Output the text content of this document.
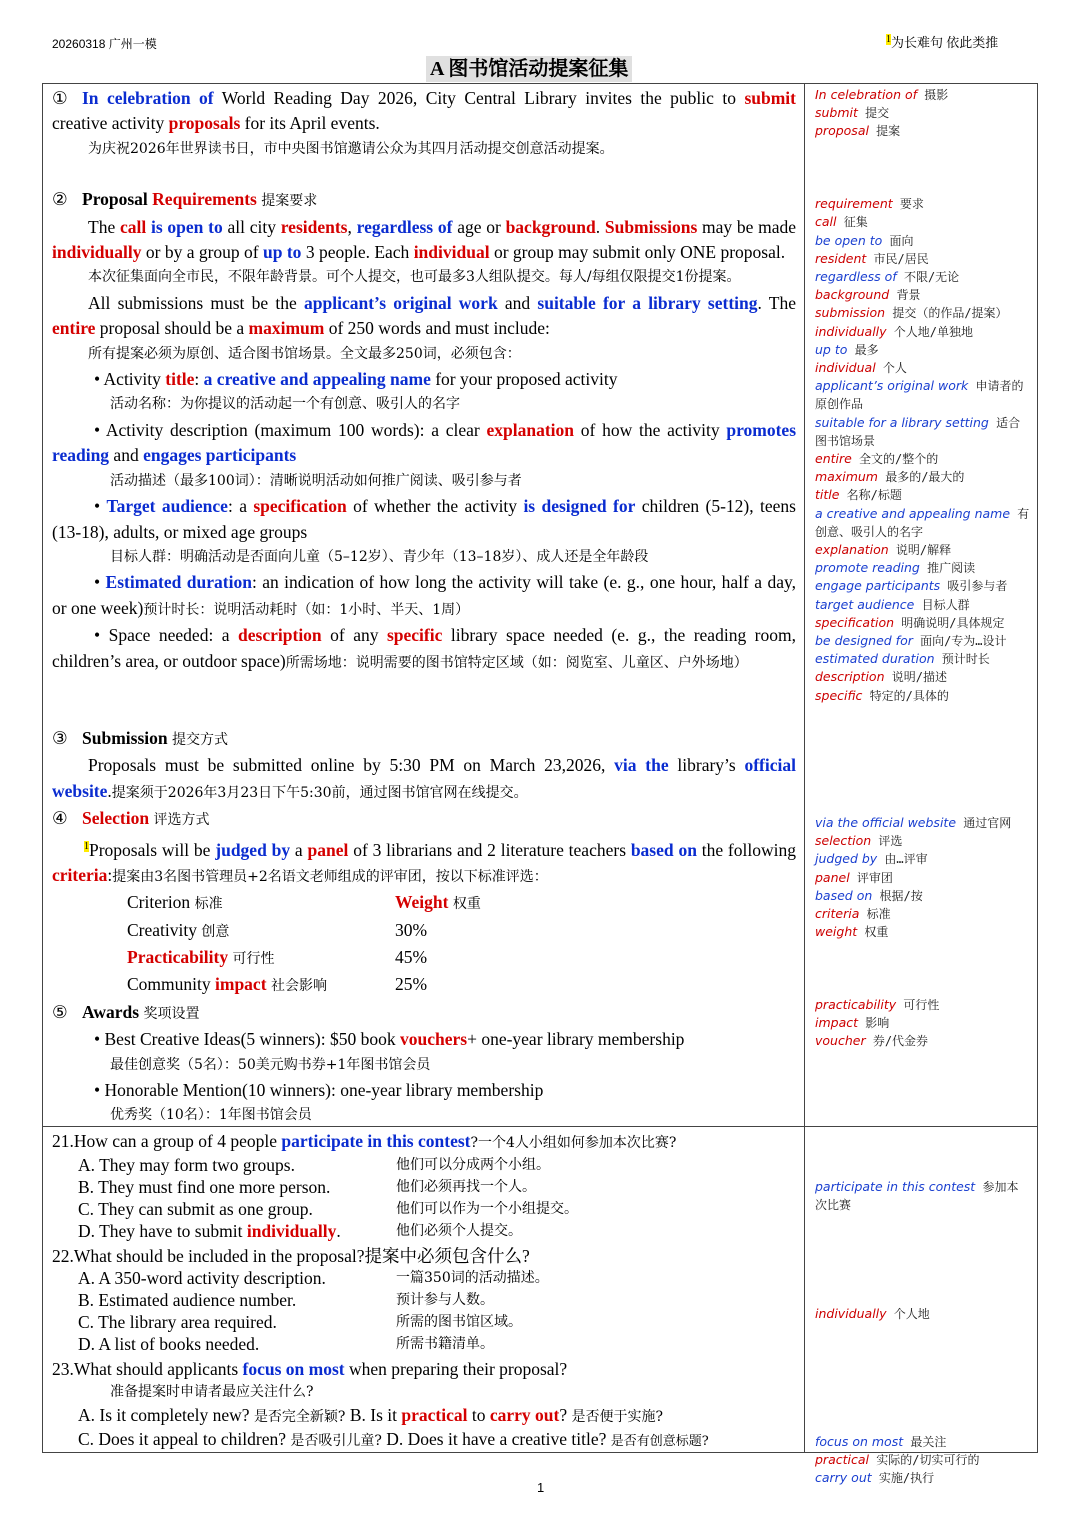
20260318 广州一模	$^1$为长难句 依此类推
A 图书馆活动提案征集

① In celebration of World Reading Day 2026, City Central Library invites the public to submit creative activity proposals for its April events.

为庆祝2026年世界读书日，市中央图书馆邀请公众为其四月活动提交创意活动提案。

② Proposal Requirements 提案要求

The call is open to all city residents, regardless of age or background. Submissions may be made individually or by a group of up to 3 people. Each individual or group may submit only ONE proposal.

本次征集面向全市民，不限年龄背景。可个人提交，也可最多3人组队提交。每人/每组仅限提交1份提案。

All submissions must be the applicant’s original work and suitable for a library setting. The entire proposal should be a maximum of 250 words and must include:

所有提案必须为原创、适合图书馆场景。全文最多250词，必须包含：

• Activity title: a creative and appealing name for your proposed activity

活动名称：为你提议的活动起一个有创意、吸引人的名字

• Activity description (maximum 100 words): a clear explanation of how the activity promotes reading and engages participants

活动描述（最多100词）：清晰说明活动如何推广阅读、吸引参与者

• Target audience: a specification of whether the activity is designed for children (5-12), teens (13-18), adults, or mixed age groups

目标人群：明确活动是否面向儿童（5–12岁）、青少年（13–18岁）、成人还是全年龄段

• Estimated duration: an indication of how long the activity will take (e. g., one hour, half a day, or one week)预计时长：说明活动耗时（如：1小时、半天、1周）

• Space needed: a description of any specific library space needed (e. g., the reading room, children’s area, or outdoor space)所需场地：说明需要的图书馆特定区域（如：阅览室、儿童区、户外场地）

③ Submission 提交方式

Proposals must be submitted online by 5:30 PM on March 23,2026, via the library’s official website.提案须于2026年3月23日下午5:30前，通过图书馆官网在线提交。

④ Selection 评选方式

$^1$Proposals will be judged by a panel of 3 librarians and 2 literature teachers based on the following criteria:提案由3名图书管理员+2名语文老师组成的评审团，按以下标准评选：

Criterion 标准	Weight 权重
Creativity 创意	30%
Practicability 可行性	45%
Community impact 社会影响	25%

⑤ Awards 奖项设置

• Best Creative Ideas(5 winners): $50 book vouchers+ one-year library membership

最佳创意奖（5名）：50美元购书券+1年图书馆会员

• Honorable Mention(10 winners): one-year library membership

优秀奖（10名）：1年图书馆会员

In celebration of 摄影
submit 提交
proposal 提案
requirement 要求
call 征集
be open to 面向
resident 市民/居民
regardless of 不限/无论
background 背景
submission 提交（的作品/提案）
individually 个人地/单独地
up to 最多
individual 个人
applicant’s original work 申请者的原创作品
suitable for a library setting 适合图书馆场景
entire 全文的/整个的
maximum 最多的/最大的
title 名称/标题
a creative and appealing name 有创意、吸引人的名字
explanation 说明/解释
promote reading 推广阅读
engage participants 吸引参与者
target audience 目标人群
specification 明确说明/具体规定
be designed for 面向/专为…设计
estimated duration 预计时长
description 说明/描述
specific 特定的/具体的
via the official website 通过官网
selection 评选
judged by 由…评审
panel 评审团
based on 根据/按
criteria 标准
weight 权重
practicability 可行性
impact 影响
voucher 券/代金券
participate in this contest 参加本次比赛
individually 个人地
focus on most 最关注
practical 实际的/切实可行的
carry out 实施/执行

21.How can a group of 4 people participate in this contest?一个4人小组如何参加本次比赛?

A. They may form two groups.	他们可以分成两个小组。
B. They must find one more person.	他们必须再找一个人。
C. They can submit as one group.	他们可以作为一个小组提交。
D. They have to submit individually.	他们必须个人提交。

22.What should be included in the proposal?提案中必须包含什么?

A. A 350-word activity description.	一篇350词的活动描述。
B. Estimated audience number.	预计参与人数。
C. The library area required.	所需的图书馆区域。
D. A list of books needed.	所需书籍清单。

23.What should applicants focus on most when preparing their proposal?

准备提案时申请者最应关注什么?

A. Is it completely new? 是否完全新颖? B. Is it practical to carry out? 是否便于实施?

C. Does it appeal to children? 是否吸引儿童? D. Does it have a creative title? 是否有创意标题?

1
